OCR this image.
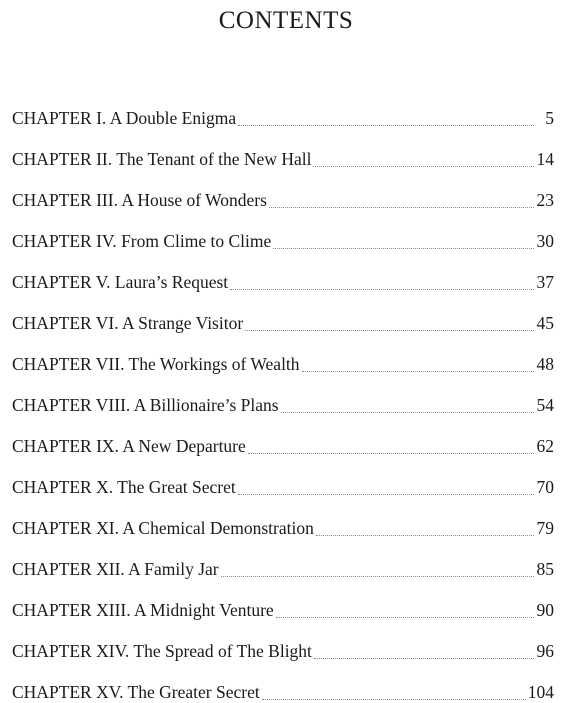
CONTENTS
CHAPTER I. A Double Enigma	5
CHAPTER II. The Tenant of the New Hall	14
CHAPTER III. A House of Wonders	23
CHAPTER IV. From Clime to Clime	30
CHAPTER V. Laura’s Request	37
CHAPTER VI. A Strange Visitor	45
CHAPTER VII. The Workings of Wealth	48
CHAPTER VIII. A Billionaire’s Plans	54
CHAPTER IX. A New Departure	62
CHAPTER X. The Great Secret	70
CHAPTER XI. A Chemical Demonstration	79
CHAPTER XII. A Family Jar	85
CHAPTER XIII. A Midnight Venture	90
CHAPTER XIV. The Spread of The Blight	96
CHAPTER XV. The Greater Secret	104
